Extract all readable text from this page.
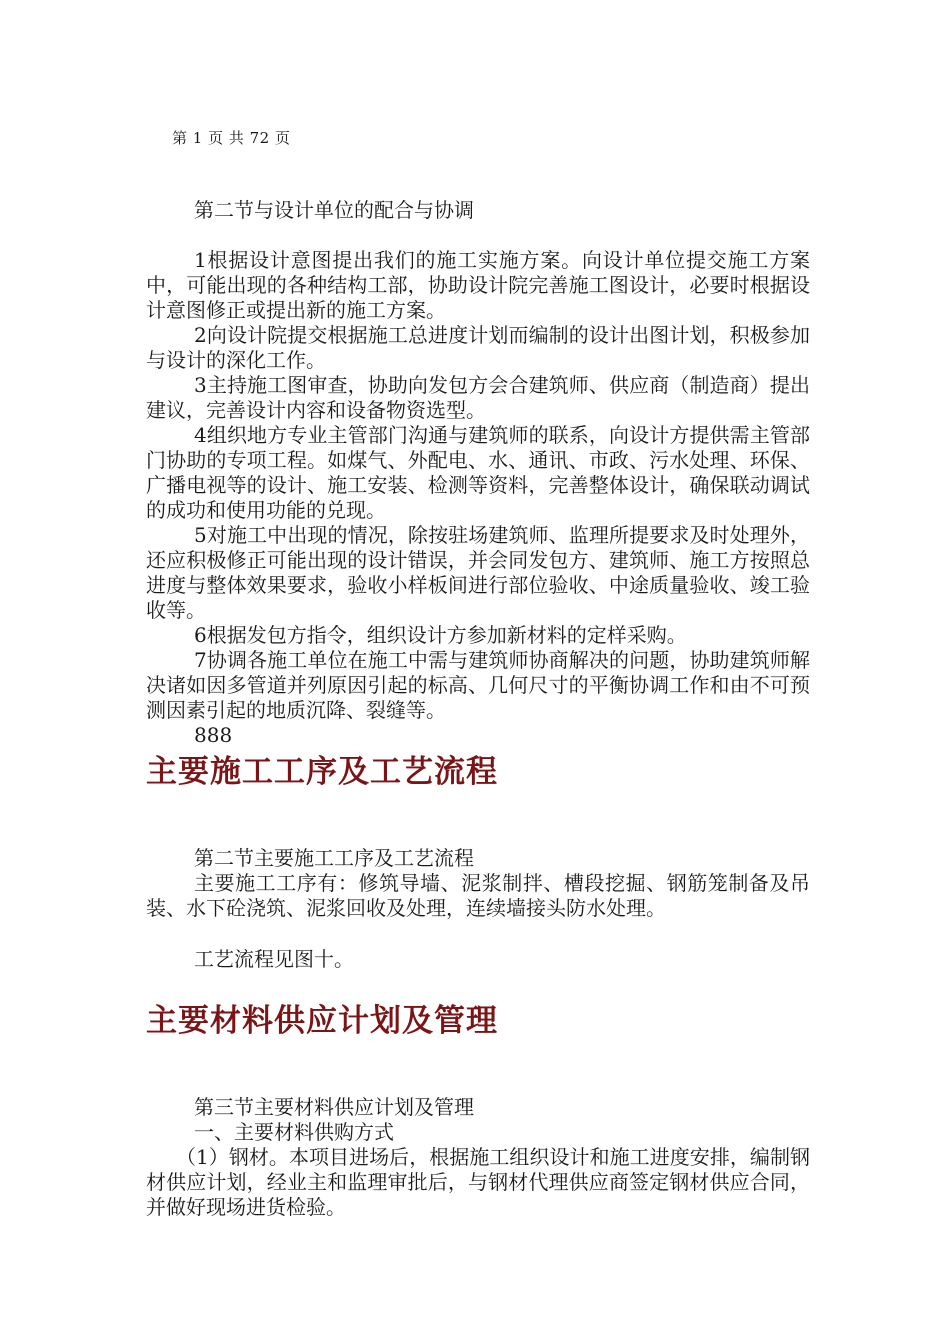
第 1 页 共 72 页

第二节与设计单位的配合与协调

1根据设计意图提出我们的施工实施方案。向设计单位提交施工方案中，可能出现的各种结构工部，协助设计院完善施工图设计，必要时根据设计意图修正或提出新的施工方案。

2向设计院提交根据施工总进度计划而编制的设计出图计划，积极参加与设计的深化工作。

3主持施工图审查，协助向发包方会合建筑师、供应商（制造商）提出建议，完善设计内容和设备物资选型。

4组织地方专业主管部门沟通与建筑师的联系，向设计方提供需主管部门协助的专项工程。如煤气、外配电、水、通讯、市政、污水处理、环保、广播电视等的设计、施工安装、检测等资料，完善整体设计，确保联动调试的成功和使用功能的兑现。

5对施工中出现的情况，除按驻场建筑师、监理所提要求及时处理外，还应积极修正可能出现的设计错误，并会同发包方、建筑师、施工方按照总进度与整体效果要求，验收小样板间进行部位验收、中途质量验收、竣工验收等。

6根据发包方指令，组织设计方参加新材料的定样采购。

7协调各施工单位在施工中需与建筑师协商解决的问题，协助建筑师解决诸如因多管道并列原因引起的标高、几何尺寸的平衡协调工作和由不可预测因素引起的地质沉降、裂缝等。

888

主要施工工序及工艺流程

第二节主要施工工序及工艺流程

主要施工工序有：修筑导墙、泥浆制拌、槽段挖掘、钢筋笼制备及吊装、水下砼浇筑、泥浆回收及处理，连续墙接头防水处理。

工艺流程见图十。

主要材料供应计划及管理

第三节主要材料供应计划及管理

一、主要材料供购方式

（1）钢材。本项目进场后，根据施工组织设计和施工进度安排，编制钢材供应计划，经业主和监理审批后，与钢材代理供应商签定钢材供应合同，并做好现场进货检验。
